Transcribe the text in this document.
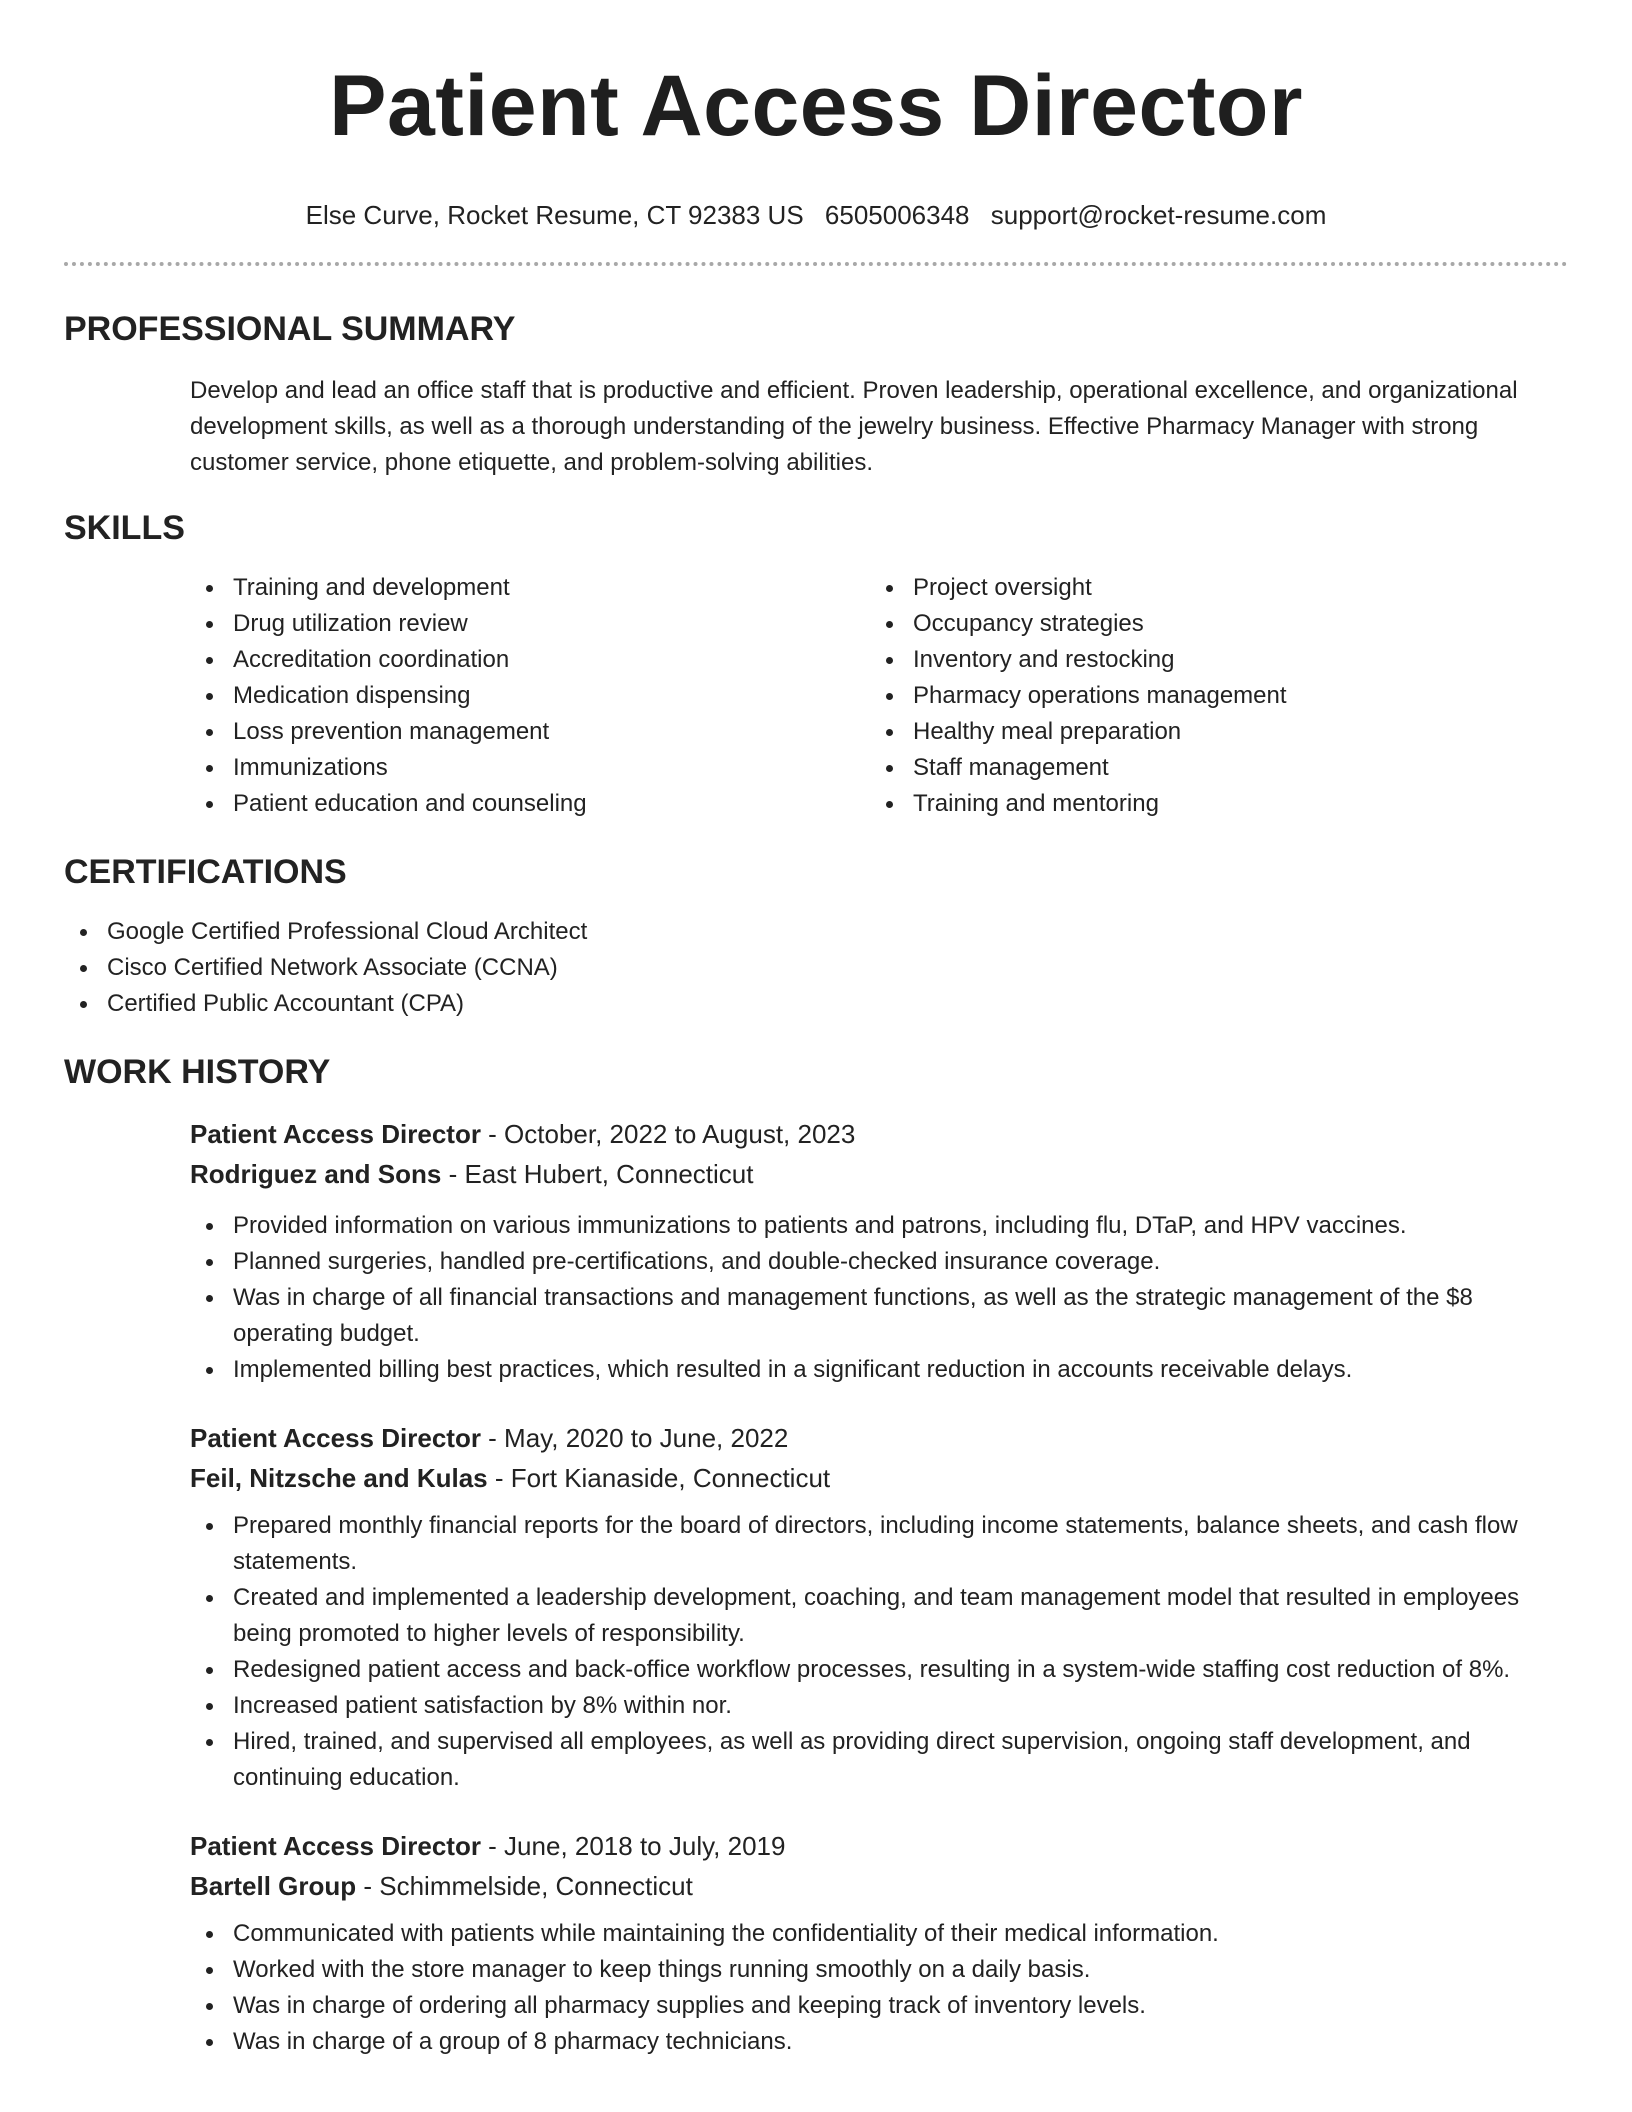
Patient Access Director
Else Curve, Rocket Resume, CT 92383 US 6505006348 support@rocket-resume.com
PROFESSIONAL SUMMARY

Develop and lead an office staff that is productive and efficient. Proven leadership, operational excellence, and organizational development skills, as well as a thorough understanding of the jewelry business. Effective Pharmacy Manager with strong customer service, phone etiquette, and problem-solving abilities.

SKILLS
Training and development
Drug utilization review
Accreditation coordination
Medication dispensing
Loss prevention management
Immunizations
Patient education and counseling
Project oversight
Occupancy strategies
Inventory and restocking
Pharmacy operations management
Healthy meal preparation
Staff management
Training and mentoring
CERTIFICATIONS
Google Certified Professional Cloud Architect
Cisco Certified Network Associate (CCNA)
Certified Public Accountant (CPA)
WORK HISTORY
Patient Access Director - October, 2022 to August, 2023
Rodriguez and Sons - East Hubert, Connecticut
Provided information on various immunizations to patients and patrons, including flu, DTaP, and HPV vaccines.
Planned surgeries, handled pre-certifications, and double-checked insurance coverage.
Was in charge of all financial transactions and management functions, as well as the strategic management of the $8 operating budget.
Implemented billing best practices, which resulted in a significant reduction in accounts receivable delays.
Patient Access Director - May, 2020 to June, 2022
Feil, Nitzsche and Kulas - Fort Kianaside, Connecticut
Prepared monthly financial reports for the board of directors, including income statements, balance sheets, and cash flow statements.
Created and implemented a leadership development, coaching, and team management model that resulted in employees being promoted to higher levels of responsibility.
Redesigned patient access and back-office workflow processes, resulting in a system-wide staffing cost reduction of 8%.
Increased patient satisfaction by 8% within nor.
Hired, trained, and supervised all employees, as well as providing direct supervision, ongoing staff development, and continuing education.
Patient Access Director - June, 2018 to July, 2019
Bartell Group - Schimmelside, Connecticut
Communicated with patients while maintaining the confidentiality of their medical information.
Worked with the store manager to keep things running smoothly on a daily basis.
Was in charge of ordering all pharmacy supplies and keeping track of inventory levels.
Was in charge of a group of 8 pharmacy technicians.
